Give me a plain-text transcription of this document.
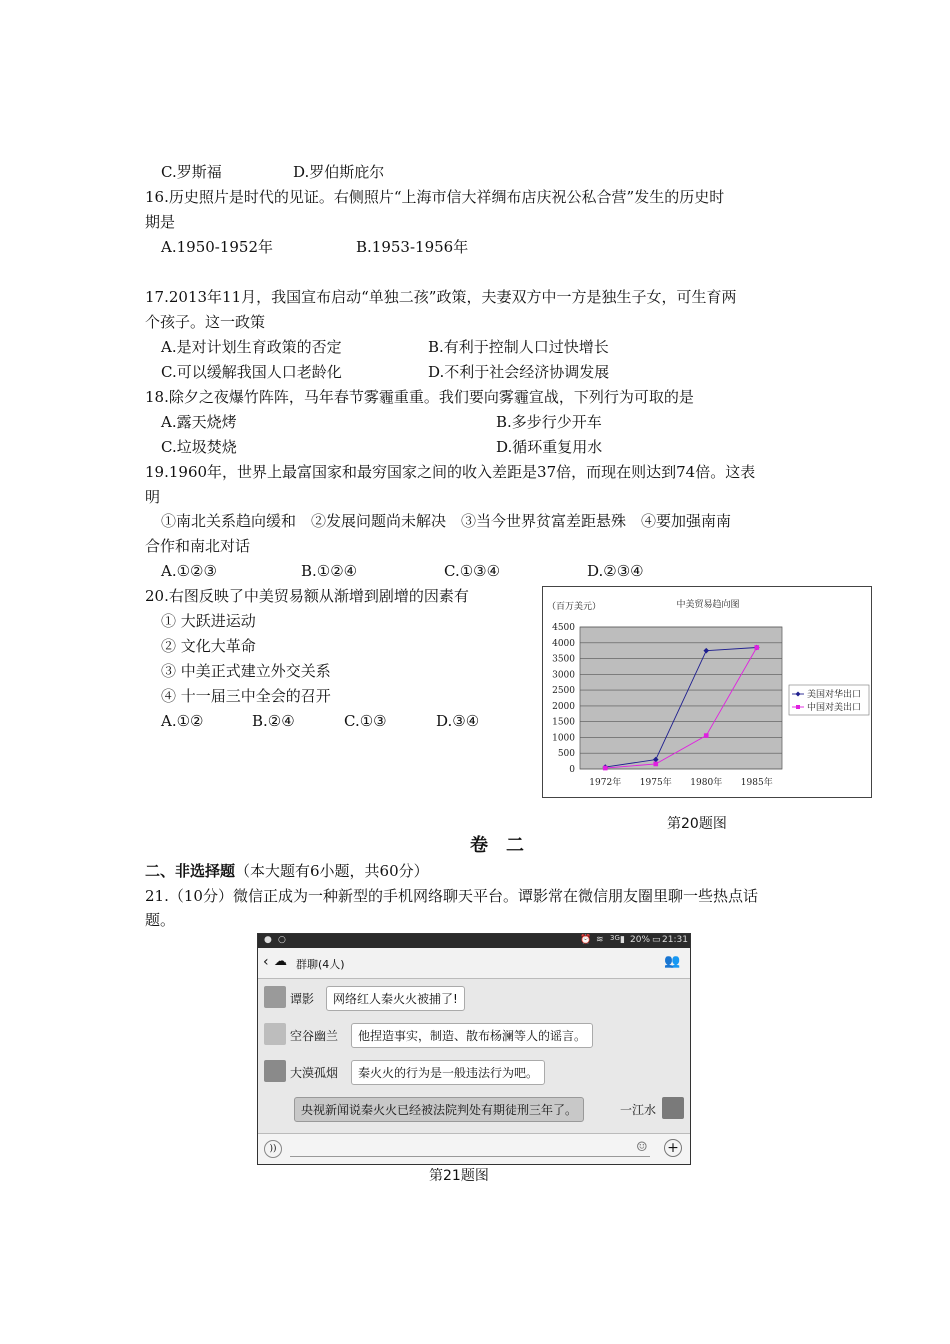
C.罗斯福	D.罗伯斯庇尔
16.历史照片是时代的见证。右侧照片“上海市信大祥绸布店庆祝公私合营”发生的历史时
期是
A.1950-1952年	B.1953-1956年
17.2013年11月，我国宣布启动“单独二孩”政策，夫妻双方中一方是独生子女，可生育两
个孩子。这一政策
A.是对计划生育政策的否定	B.有利于控制人口过快增长
C.可以缓解我国人口老龄化	D.不利于社会经济协调发展
18.除夕之夜爆竹阵阵，马年春节雾霾重重。我们要向雾霾宣战，下列行为可取的是
A.露天烧烤	B.多步行少开车
C.垃圾焚烧	D.循环重复用水
19.1960年，世界上最富国家和最穷国家之间的收入差距是37倍，而现在则达到74倍。这表
明
①南北关系趋向缓和　②发展问题尚未解决　③当今世界贫富差距悬殊　④要加强南南
合作和南北对话
A.①②③	B.①②④	C.①③④	D.②③④
20.右图反映了中美贸易额从渐增到剧增的因素有
① 大跃进运动
② 文化大革命
③ 中美正式建立外交关系
④ 十一届三中全会的召开
A.①②	B.②④	C.①③	D.③④
中美贸易趋向图
（百万美元）
4500
4000
3500
3000
2500
2000
1500
1000
500
0
1972年 1975年 1980年 1985年
美国对华出口
中国对美出口
第20题图
卷　二
二、非选择题（本大题有6小题，共60分）
21.（10分）微信正成为一种新型的手机网络聊天平台。谭影常在微信朋友圈里聊一些热点话
题。
● ○	⏰ ≋ 3G ▮ 20% ▭ 21:31
‹ ☁ 群聊(4人)	👥
谭影	网络红人秦火火被捕了!
空谷幽兰	他捏造事实，制造、散布杨澜等人的谣言。
大漠孤烟	秦火火的行为是一般违法行为吧。
央视新闻说秦火火已经被法院判处有期徒刑三年了。	一江水
))	☺ +
第21题图
